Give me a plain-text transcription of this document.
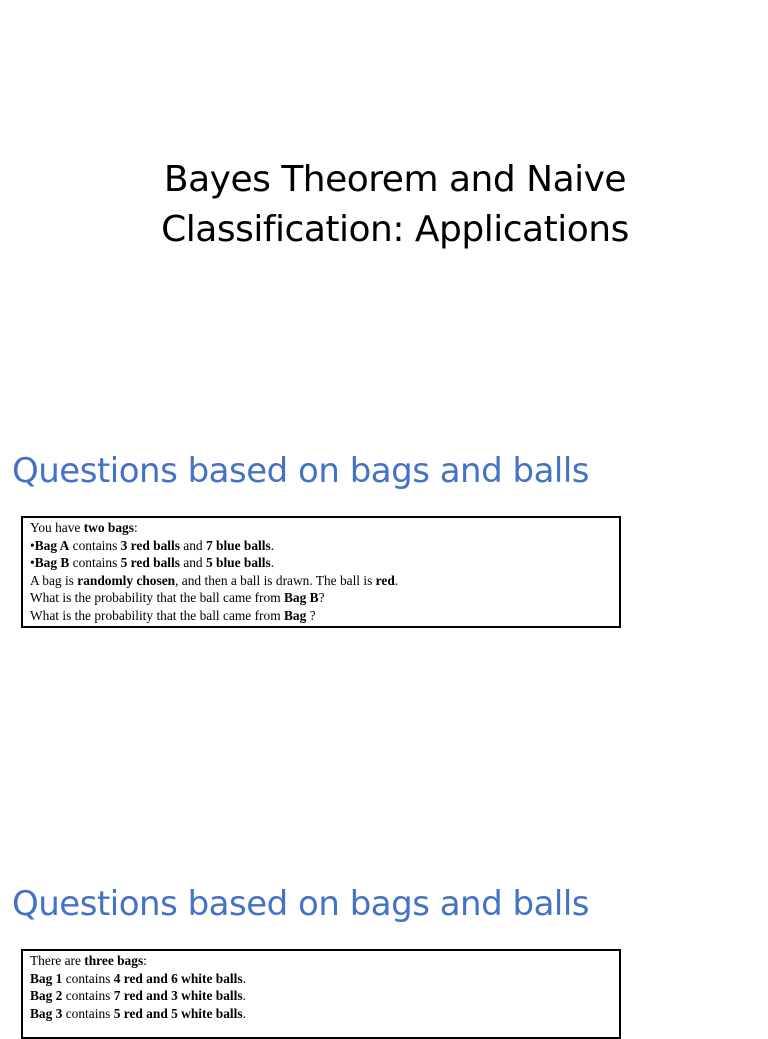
Bayes Theorem and Naive
Classification: Applications
Questions based on bags and balls
You have two bags:
•Bag A contains 3 red balls and 7 blue balls.
•Bag B contains 5 red balls and 5 blue balls.
A bag is randomly chosen, and then a ball is drawn. The ball is red.
What is the probability that the ball came from Bag B?
What is the probability that the ball came from Bag ?
Questions based on bags and balls
There are three bags:
Bag 1 contains 4 red and 6 white balls.
Bag 2 contains 7 red and 3 white balls.
Bag 3 contains 5 red and 5 white balls.
